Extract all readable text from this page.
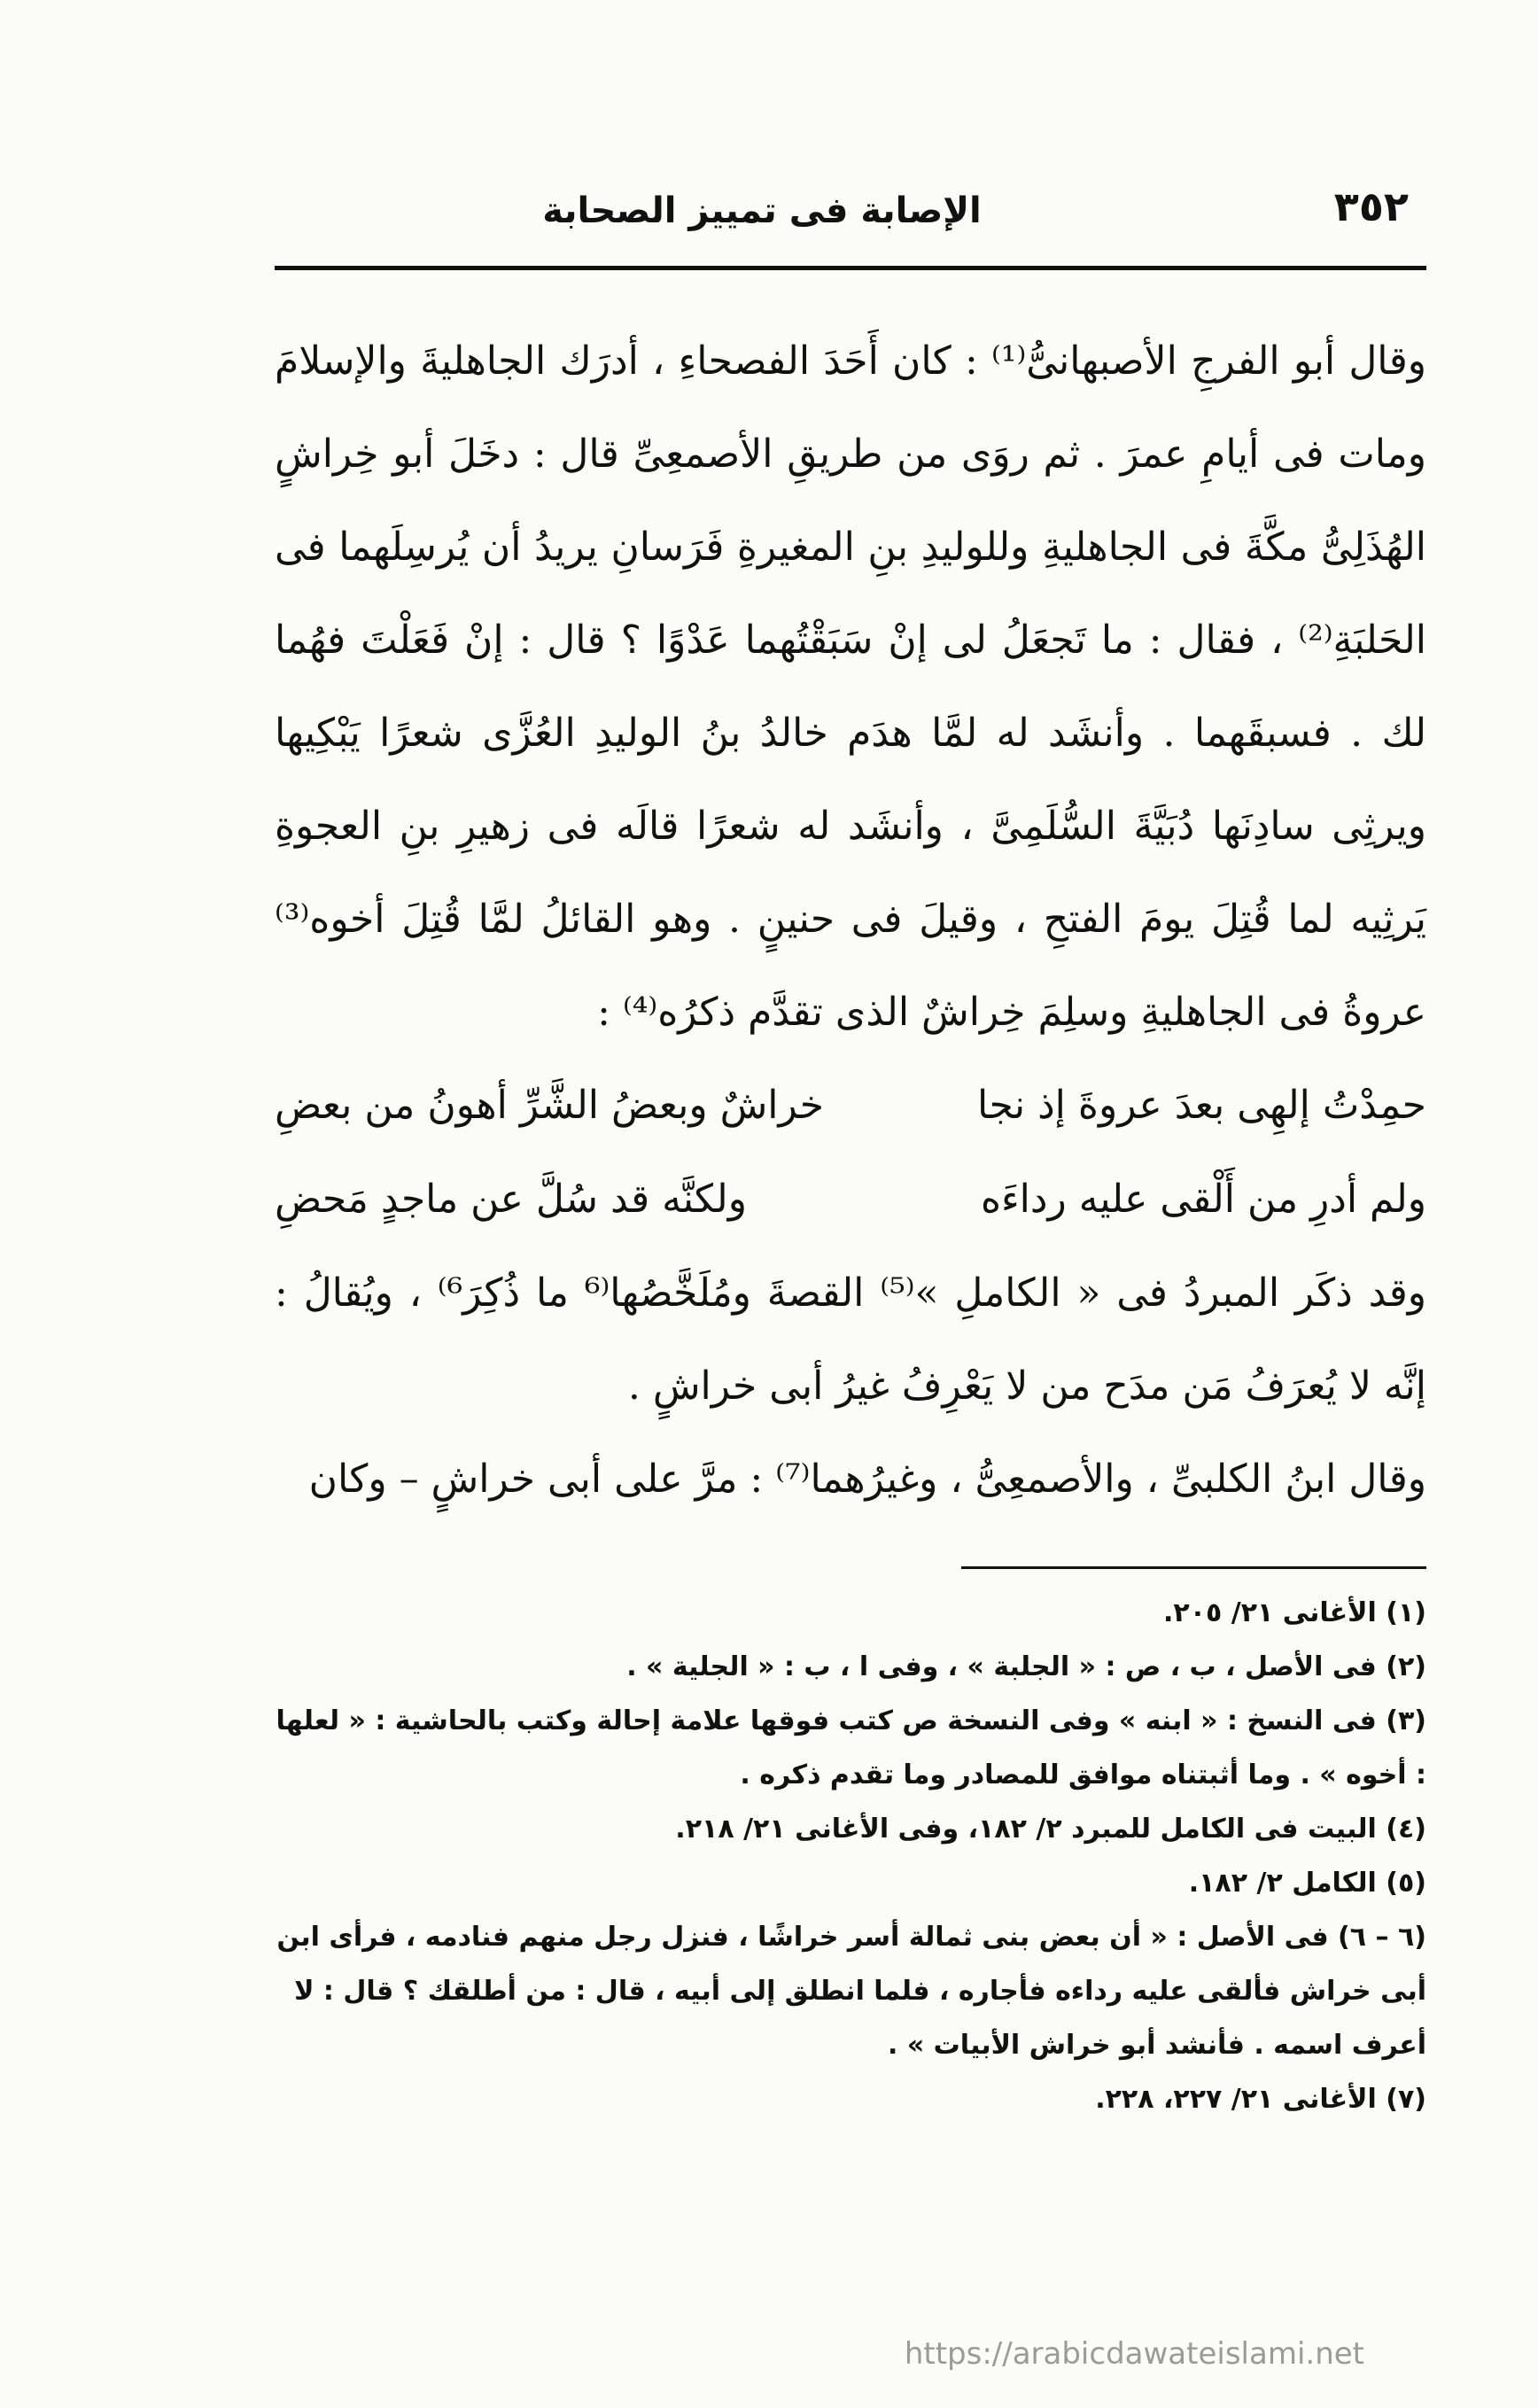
الإصابة فى تمييز الصحابة	٣٥٢

وقال أبو الفرجِ الأصبهانىُّ⁽¹⁾ : كان أَحَدَ الفصحاءِ ، أدرَك الجاهليةَ والإسلامَ ومات فى أيامِ عمرَ . ثم روَى من طريقِ الأصمعِىِّ قال : دخَلَ أبو خِراشٍ الهُذَلِىُّ مكَّةَ فى الجاهليةِ وللوليدِ بنِ المغيرةِ فَرَسانِ يريدُ أن يُرسِلَهما فى الحَلبَةِ⁽²⁾ ، فقال : ما تَجعَلُ لى إنْ سَبَقْتُهما عَدْوًا ؟ قال : إنْ فَعَلْتَ فهُما لك . فسبقَهما . وأنشَد له لمَّا هدَم خالدُ بنُ الوليدِ العُزَّى شعرًا يَبْكِيها ويرثِى سادِنَها دُبَيَّةَ السُّلَمِىَّ ، وأنشَد له شعرًا قالَه فى زهيرِ بنِ العجوةِ يَرثِيه لما قُتِلَ يومَ الفتحِ ، وقيلَ فى حنينٍ . وهو القائلُ لمَّا قُتِلَ أخوه⁽³⁾ عروةُ فى الجاهليةِ وسلِمَ خِراشٌ الذى تقدَّم ذكرُه⁽⁴⁾ :

حمِدْتُ إلهِى بعدَ عروةَ إذ نجا
خراشٌ وبعضُ الشَّرِّ أهونُ من بعضِ
ولم أدرِ من أَلْقى عليه رداءَه
ولكنَّه قد سُلَّ عن ماجدٍ مَحضِ

وقد ذكَر المبردُ فى « الكاملِ »⁽⁵⁾ القصةَ ومُلَخَّصُها⁽⁶ ما ذُكِرَ⁶⁾ ، ويُقالُ : إنَّه لا يُعرَفُ مَن مدَح من لا يَعْرِفُ غيرُ أبى خراشٍ .

وقال ابنُ الكلبىِّ ، والأصمعِىُّ ، وغيرُهما⁽⁷⁾ : مرَّ على أبى خراشٍ – وكان

(١) الأغانى ٢١/ ٢٠٥.

(٢) فى الأصل ، ب ، ص : « الجلبة » ، وفى ا ، ب : « الجلية » .

(٣) فى النسخ : « ابنه » وفى النسخة ص كتب فوقها علامة إحالة وكتب بالحاشية : « لعلها : أخوه » . وما أثبتناه موافق للمصادر وما تقدم ذكره .

(٤) البيت فى الكامل للمبرد ٢/ ١٨٢، وفى الأغانى ٢١/ ٢١٨.

(٥) الكامل ٢/ ١٨٢.

(٦ – ٦) فى الأصل : « أن بعض بنى ثمالة أسر خراشًا ، فنزل رجل منهم فنادمه ، فرأى ابن أبى خراش فألقى عليه رداءه فأجاره ، فلما انطلق إلى أبيه ، قال : من أطلقك ؟ قال : لا أعرف اسمه . فأنشد أبو خراش الأبيات » .

(٧) الأغانى ٢١/ ٢٢٧، ٢٢٨.

https://arabicdawateislami.net
